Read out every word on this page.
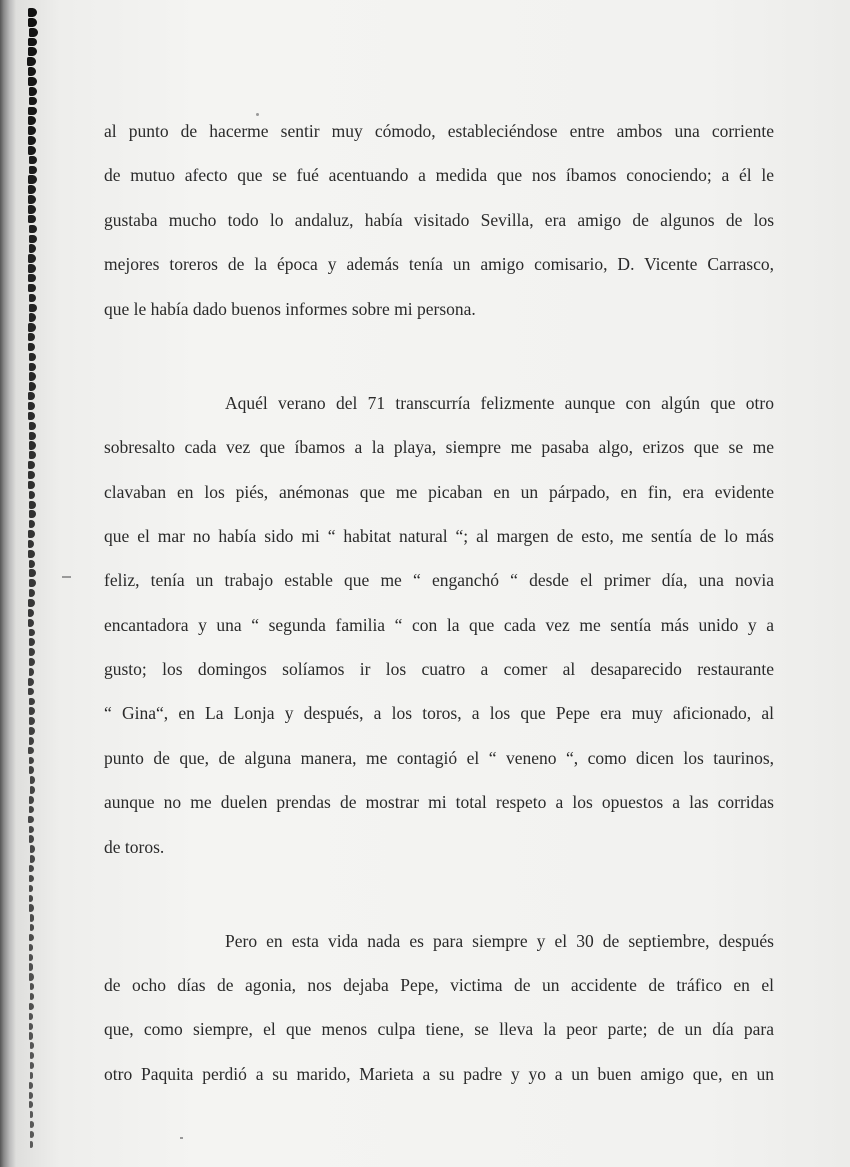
al punto de hacerme sentir muy cómodo, estableciéndose entre ambos una corriente
de mutuo afecto que se fué acentuando a medida que nos íbamos conociendo; a él le
gustaba mucho todo lo andaluz, había visitado Sevilla, era amigo de algunos de los
mejores toreros de la época y además tenía un amigo comisario, D. Vicente Carrasco,
que le había dado buenos informes sobre mi persona.
Aquél verano del 71 transcurría felizmente aunque con algún que otro
sobresalto cada vez que íbamos a la playa, siempre me pasaba algo, erizos que se me
clavaban en los piés, anémonas que me picaban en un párpado, en fin, era evidente
que el mar no había sido mi “ habitat natural “; al margen de esto, me sentía de lo más
feliz, tenía un trabajo estable que me “ enganchó “ desde el primer día, una novia
encantadora y una “ segunda familia “ con la que cada vez me sentía más unido y a
gusto; los domingos solíamos ir los cuatro a comer al desaparecido restaurante
“ Gina“, en La Lonja y después, a los toros, a los que Pepe era muy aficionado, al
punto de que, de alguna manera, me contagió el “ veneno “, como dicen los taurinos,
aunque no me duelen prendas de mostrar mi total respeto a los opuestos a las corridas
de toros.
Pero en esta vida nada es para siempre y el 30 de septiembre, después
de ocho días de agonia, nos dejaba Pepe, victima de un accidente de tráfico en el
que, como siempre, el que menos culpa tiene, se lleva la peor parte; de un día para
otro Paquita perdió a su marido, Marieta a su padre y yo a un buen amigo que, en un
